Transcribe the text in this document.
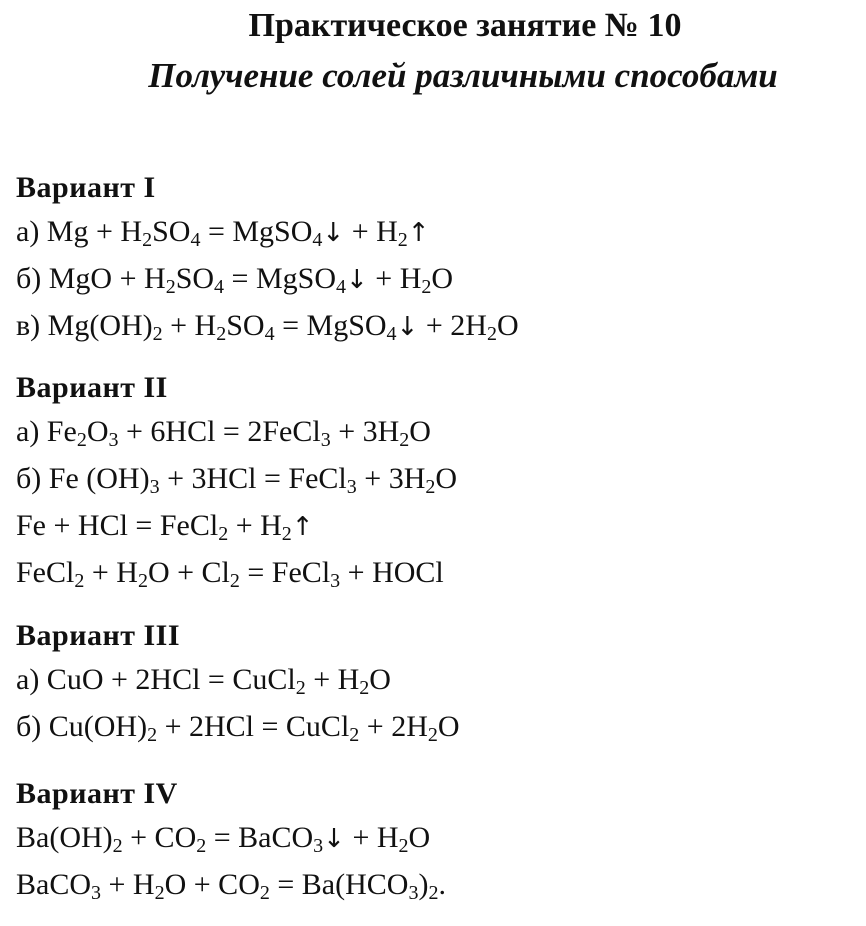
Практическое занятие № 10
Получение солей различными способами
Вариант I
а) $Mg + H_2SO_4$ = MgSO$_4$↓ + $H_2↑$
б) MgO + $H_2SO_4$ = MgSO$_4$↓ + $H_2O$
в) $Mg(OH)_2 + H_2SO_4$ = MgSO$_4$↓ + $2H_2O$
Вариант II
а) $Fe_2O_3 + 6HCl$ = 2FeCl$_3$ + $3H_2O$
б) Fe $(OH)_3 + 3HCl$ = FeCl$_3$ + $3H_2O$
Fe + HCl = FeCl$_2$ + $H_2↑$
FeCl$_2$ + $H_2O + Cl_2$ = FeCl$_3$ + HOCl
Вариант III
а) CuO + 2HCl = CuCl$_2$ + $H_2O$
б) $Cu(OH)_2 + 2HCl$ = CuCl$_2$ + $2H_2O$
Вариант IV
$Ba(OH)_2 + CO_2$ = BaCO$_3$↓ + $H_2O$
BaCO$_3$ + $H_2O + CO_2 = Ba(HCO_3)_2$.
